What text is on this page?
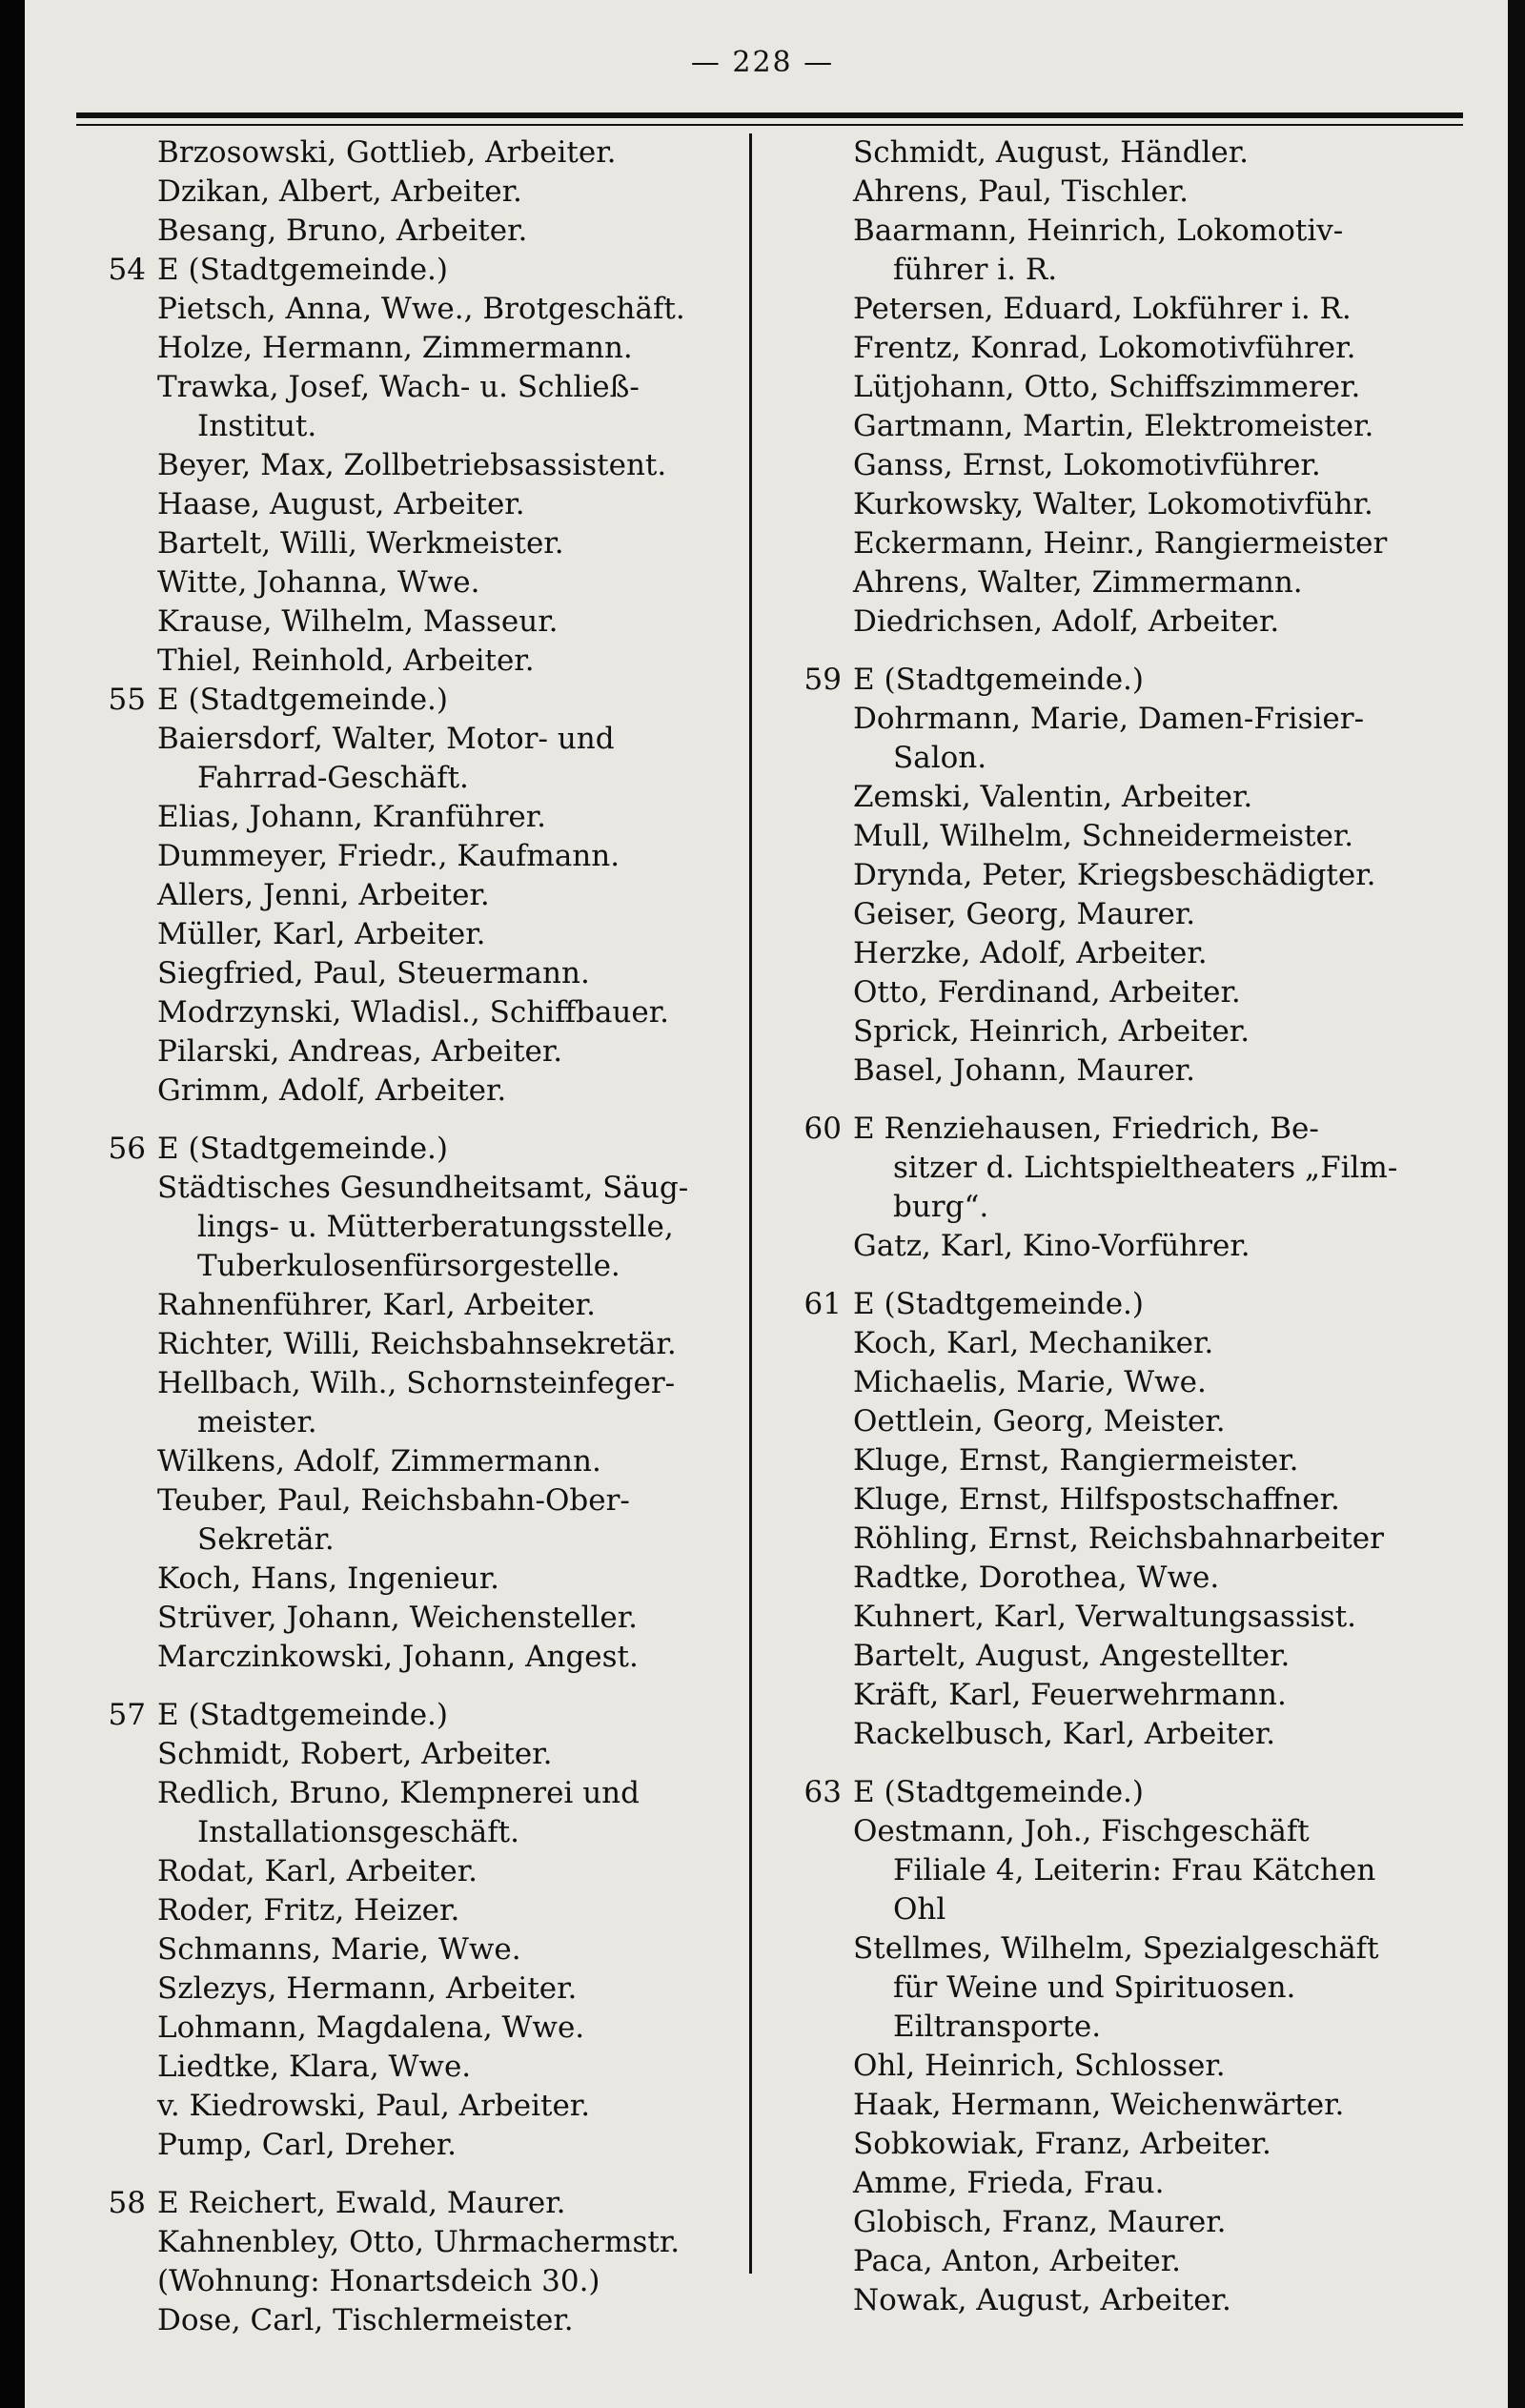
— 228 —
Brzosowski, Gottlieb, Arbeiter.
Dzikan, Albert, Arbeiter.
Besang, Bruno, Arbeiter.
54 E (Stadtgemeinde.)
Pietsch, Anna, Wwe., Brotgeschäft.
Holze, Hermann, Zimmermann.
Trawka, Josef, Wach- u. Schließ-
Institut.
Beyer, Max, Zollbetriebsassistent.
Haase, August, Arbeiter.
Bartelt, Willi, Werkmeister.
Witte, Johanna, Wwe.
Krause, Wilhelm, Masseur.
Thiel, Reinhold, Arbeiter.
55 E (Stadtgemeinde.)
Baiersdorf, Walter, Motor- und
Fahrrad-Geschäft.
Elias, Johann, Kranführer.
Dummeyer, Friedr., Kaufmann.
Allers, Jenni, Arbeiter.
Müller, Karl, Arbeiter.
Siegfried, Paul, Steuermann.
Modrzynski, Wladisl., Schiffbauer.
Pilarski, Andreas, Arbeiter.
Grimm, Adolf, Arbeiter.
56 E (Stadtgemeinde.)
Städtisches Gesundheitsamt, Säug-
lings- u. Mütterberatungsstelle,
Tuberkulosenfürsorgestelle.
Rahnenführer, Karl, Arbeiter.
Richter, Willi, Reichsbahnsekretär.
Hellbach, Wilh., Schornsteinfeger-
meister.
Wilkens, Adolf, Zimmermann.
Teuber, Paul, Reichsbahn-Ober-
Sekretär.
Koch, Hans, Ingenieur.
Strüver, Johann, Weichensteller.
Marczinkowski, Johann, Angest.
57 E (Stadtgemeinde.)
Schmidt, Robert, Arbeiter.
Redlich, Bruno, Klempnerei und
Installationsgeschäft.
Rodat, Karl, Arbeiter.
Roder, Fritz, Heizer.
Schmanns, Marie, Wwe.
Szlezys, Hermann, Arbeiter.
Lohmann, Magdalena, Wwe.
Liedtke, Klara, Wwe.
v. Kiedrowski, Paul, Arbeiter.
Pump, Carl, Dreher.
58 E Reichert, Ewald, Maurer.
Kahnenbley, Otto, Uhrmachermstr.
(Wohnung: Honartsdeich 30.)
Dose, Carl, Tischlermeister.
Schmidt, August, Händler.
Ahrens, Paul, Tischler.
Baarmann, Heinrich, Lokomotiv-
führer i. R.
Petersen, Eduard, Lokführer i. R.
Frentz, Konrad, Lokomotivführer.
Lütjohann, Otto, Schiffszimmerer.
Gartmann, Martin, Elektromeister.
Ganss, Ernst, Lokomotivführer.
Kurkowsky, Walter, Lokomotivführ.
Eckermann, Heinr., Rangiermeister
Ahrens, Walter, Zimmermann.
Diedrichsen, Adolf, Arbeiter.
59 E (Stadtgemeinde.)
Dohrmann, Marie, Damen-Frisier-
Salon.
Zemski, Valentin, Arbeiter.
Mull, Wilhelm, Schneidermeister.
Drynda, Peter, Kriegsbeschädigter.
Geiser, Georg, Maurer.
Herzke, Adolf, Arbeiter.
Otto, Ferdinand, Arbeiter.
Sprick, Heinrich, Arbeiter.
Basel, Johann, Maurer.
60 E Renziehausen, Friedrich, Be-
sitzer d. Lichtspieltheaters „Film-
burg“.
Gatz, Karl, Kino-Vorführer.
61 E (Stadtgemeinde.)
Koch, Karl, Mechaniker.
Michaelis, Marie, Wwe.
Oettlein, Georg, Meister.
Kluge, Ernst, Rangiermeister.
Kluge, Ernst, Hilfspostschaffner.
Röhling, Ernst, Reichsbahnarbeiter
Radtke, Dorothea, Wwe.
Kuhnert, Karl, Verwaltungsassist.
Bartelt, August, Angestellter.
Kräft, Karl, Feuerwehrmann.
Rackelbusch, Karl, Arbeiter.
63 E (Stadtgemeinde.)
Oestmann, Joh., Fischgeschäft
Filiale 4, Leiterin: Frau Kätchen
Ohl
Stellmes, Wilhelm, Spezialgeschäft
für Weine und Spirituosen.
Eiltransporte.
Ohl, Heinrich, Schlosser.
Haak, Hermann, Weichenwärter.
Sobkowiak, Franz, Arbeiter.
Amme, Frieda, Frau.
Globisch, Franz, Maurer.
Paca, Anton, Arbeiter.
Nowak, August, Arbeiter.
